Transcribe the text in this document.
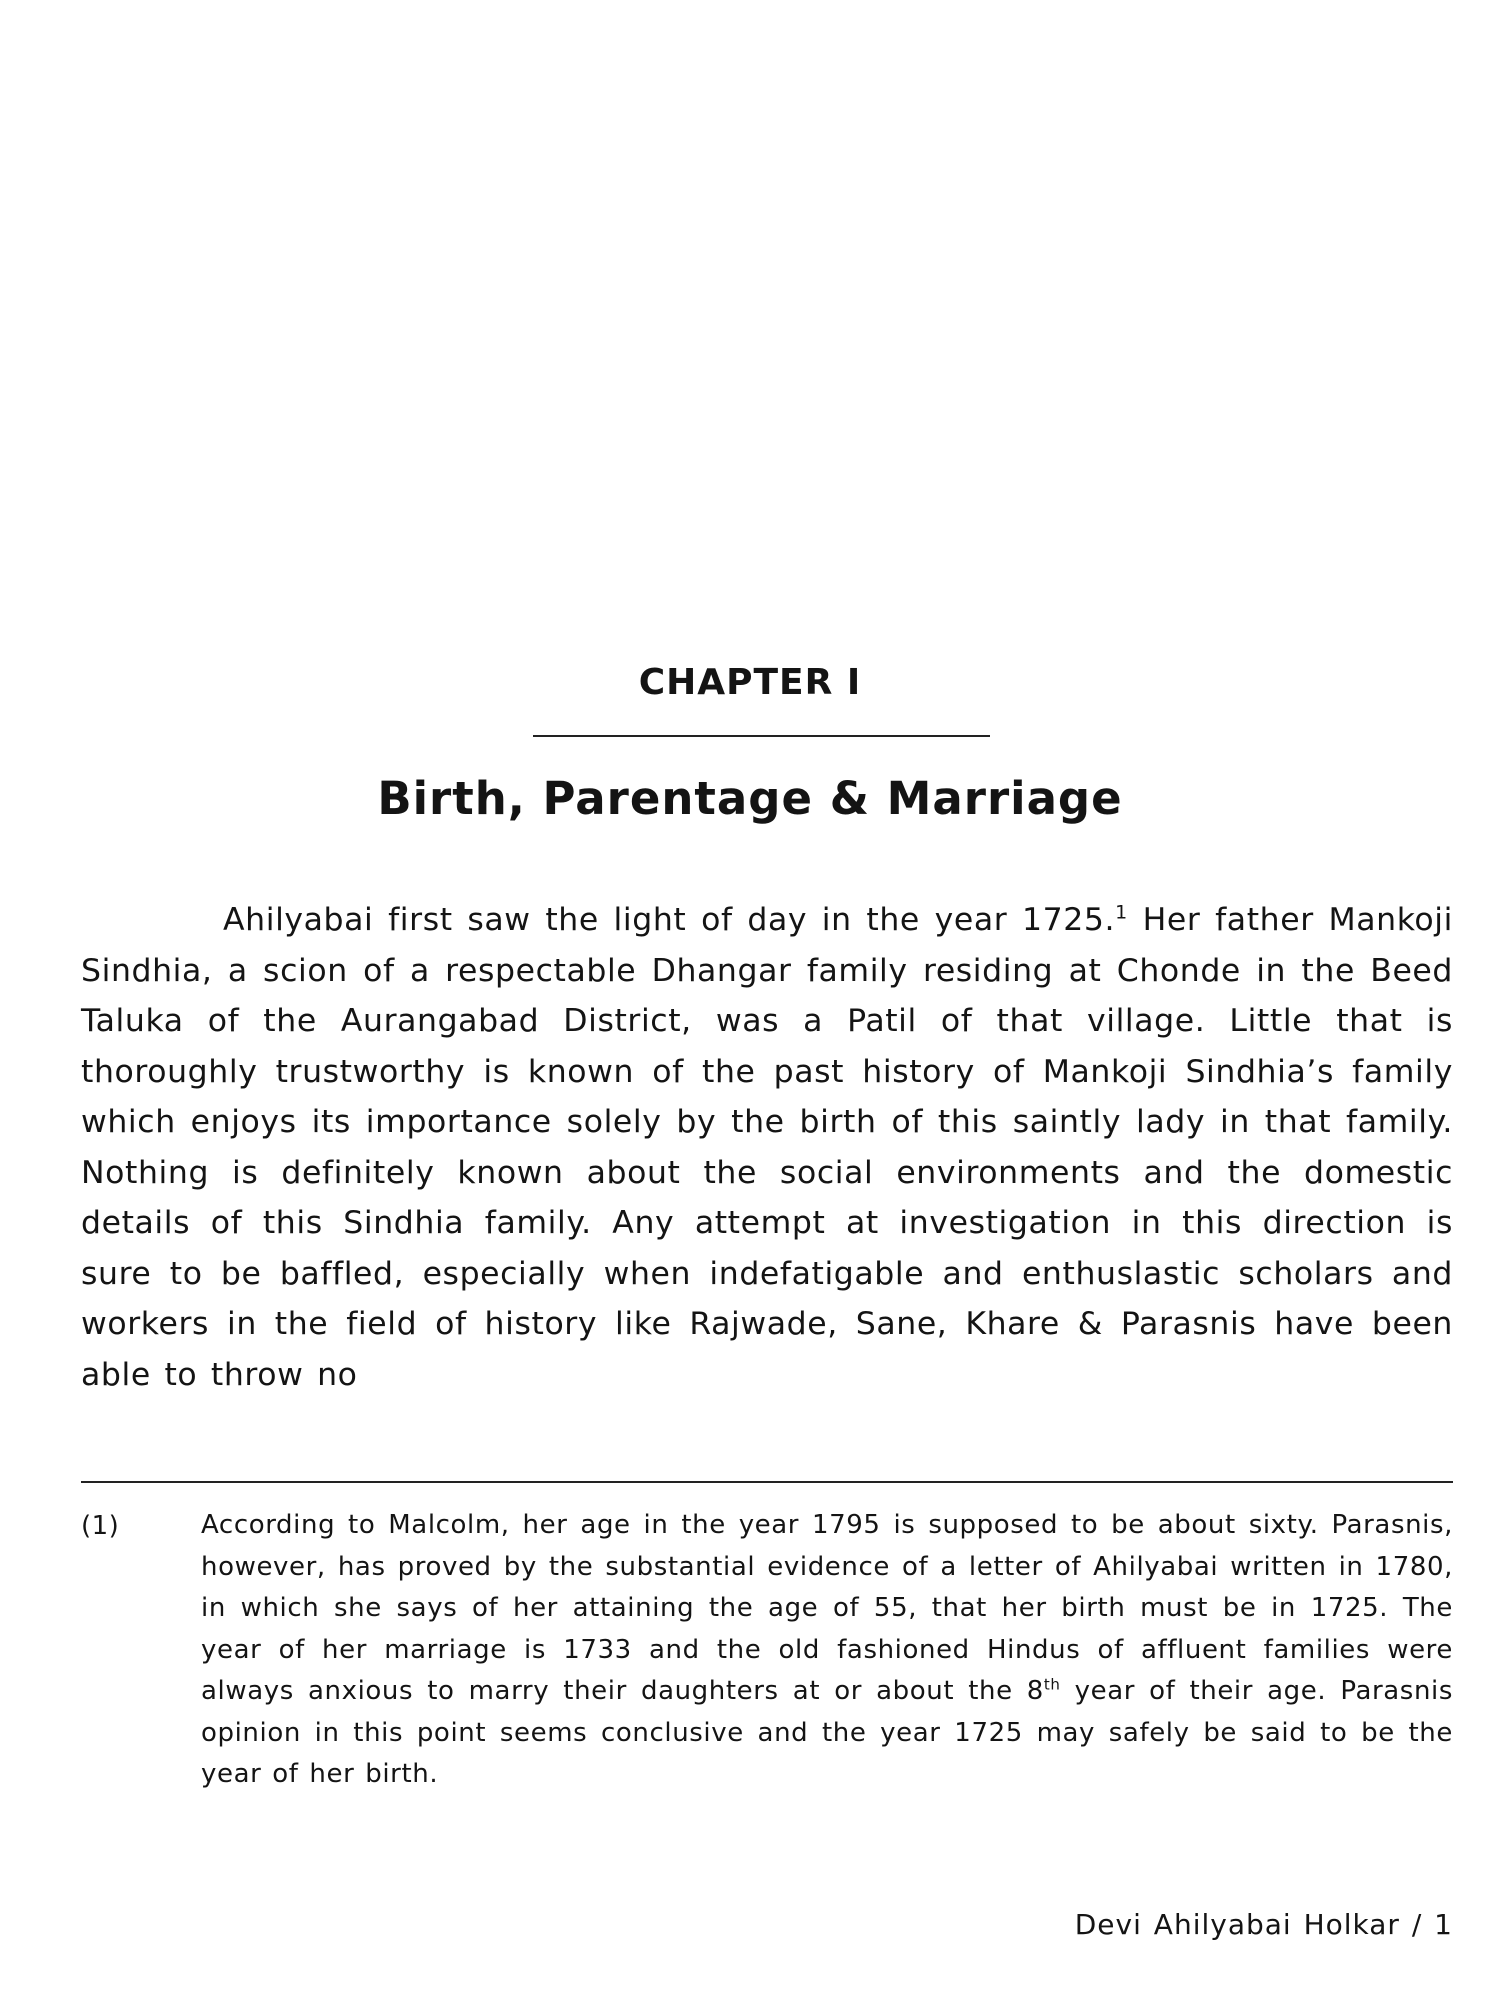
CHAPTER I
Birth, Parentage & Marriage

Ahilyabai first saw the light of day in the year 1725.$^1$ Her father Mankoji Sindhia, a scion of a respectable Dhangar family residing at Chonde in the Beed Taluka of the Aurangabad District, was a Patil of that village. Little that is thoroughly trustworthy is known of the past history of Mankoji Sindhia’s family which enjoys its importance solely by the birth of this saintly lady in that family. Nothing is definitely known about the social environments and the domestic details of this Sindhia family. Any attempt at investigation in this direction is sure to be baffled, especially when indefatigable and enthuslastic scholars and workers in the field of history like Rajwade, Sane, Khare & Parasnis have been able to throw no

(1)	According to Malcolm, her age in the year 1795 is supposed to be about sixty. Parasnis, however, has proved by the substantial evidence of a letter of Ahilyabai written in 1780, in which she says of her attaining the age of 55, that her birth must be in 1725. The year of her marriage is 1733 and the old fashioned Hindus of affluent families were always anxious to marry their daughters at or about the 8th year of their age. Parasnis opinion in this point seems conclusive and the year 1725 may safely be said to be the year of her birth.

Devi Ahilyabai Holkar / 1
